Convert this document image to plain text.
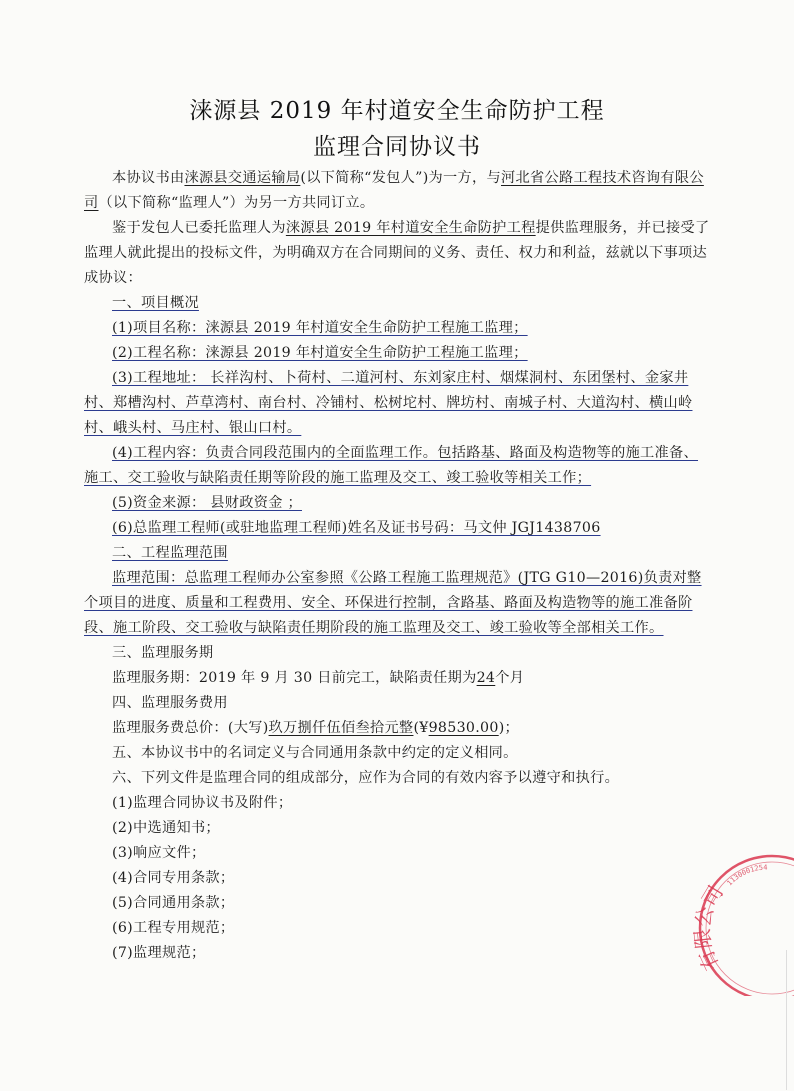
涞源县 2019 年村道安全生命防护工程
监理合同协议书

本协议书由涞源县交通运输局(以下简称“发包人”)为一方，与河北省公路工程技术咨询有限公司（以下简称“监理人”）为另一方共同订立。

鉴于发包人已委托监理人为涞源县 2019 年村道安全生命防护工程提供监理服务，并已接受了监理人就此提出的投标文件，为明确双方在合同期间的义务、责任、权力和利益，兹就以下事项达成协议：

一、项目概况

(1)项目名称：涞源县 2019 年村道安全生命防护工程施工监理；

(2)工程名称：涞源县 2019 年村道安全生命防护工程施工监理；

(3)工程地址： 长祥沟村、卜荷村、二道河村、东刘家庄村、烟煤洞村、东团堡村、金家井村、郑槽沟村、芦草湾村、南台村、冷铺村、松树坨村、牌坊村、南城子村、大道沟村、横山岭村、峨头村、马庄村、银山口村。

(4)工程内容：负责合同段范围内的全面监理工作。包括路基、路面及构造物等的施工准备、施工、交工验收与缺陷责任期等阶段的施工监理及交工、竣工验收等相关工作；

(5)资金来源： 县财政资金 ；

(6)总监理工程师(或驻地监理工程师)姓名及证书号码：马文仲 JGJ1438706

二、工程监理范围

监理范围：总监理工程师办公室参照《公路工程施工监理规范》(JTG G10—2016)负责对整个项目的进度、质量和工程费用、安全、环保进行控制，含路基、路面及构造物等的施工准备阶段、施工阶段、交工验收与缺陷责任期阶段的施工监理及交工、竣工验收等全部相关工作。

三、监理服务期

监理服务期：2019 年 9 月 30 日前完工，缺陷责任期为24个月

四、监理服务费用

监理服务费总价：(大写)玖万捌仟伍佰叁拾元整(¥98530.00)；

五、本协议书中的名词定义与合同通用条款中约定的定义相同。

六、下列文件是监理合同的组成部分，应作为合同的有效内容予以遵守和执行。

(1)监理合同协议书及附件；

(2)中选通知书；

(3)响应文件；

(4)合同专用条款；

(5)合同通用条款；

(6)工程专用规范；

(7)监理规范；	有限公司
1130001254
